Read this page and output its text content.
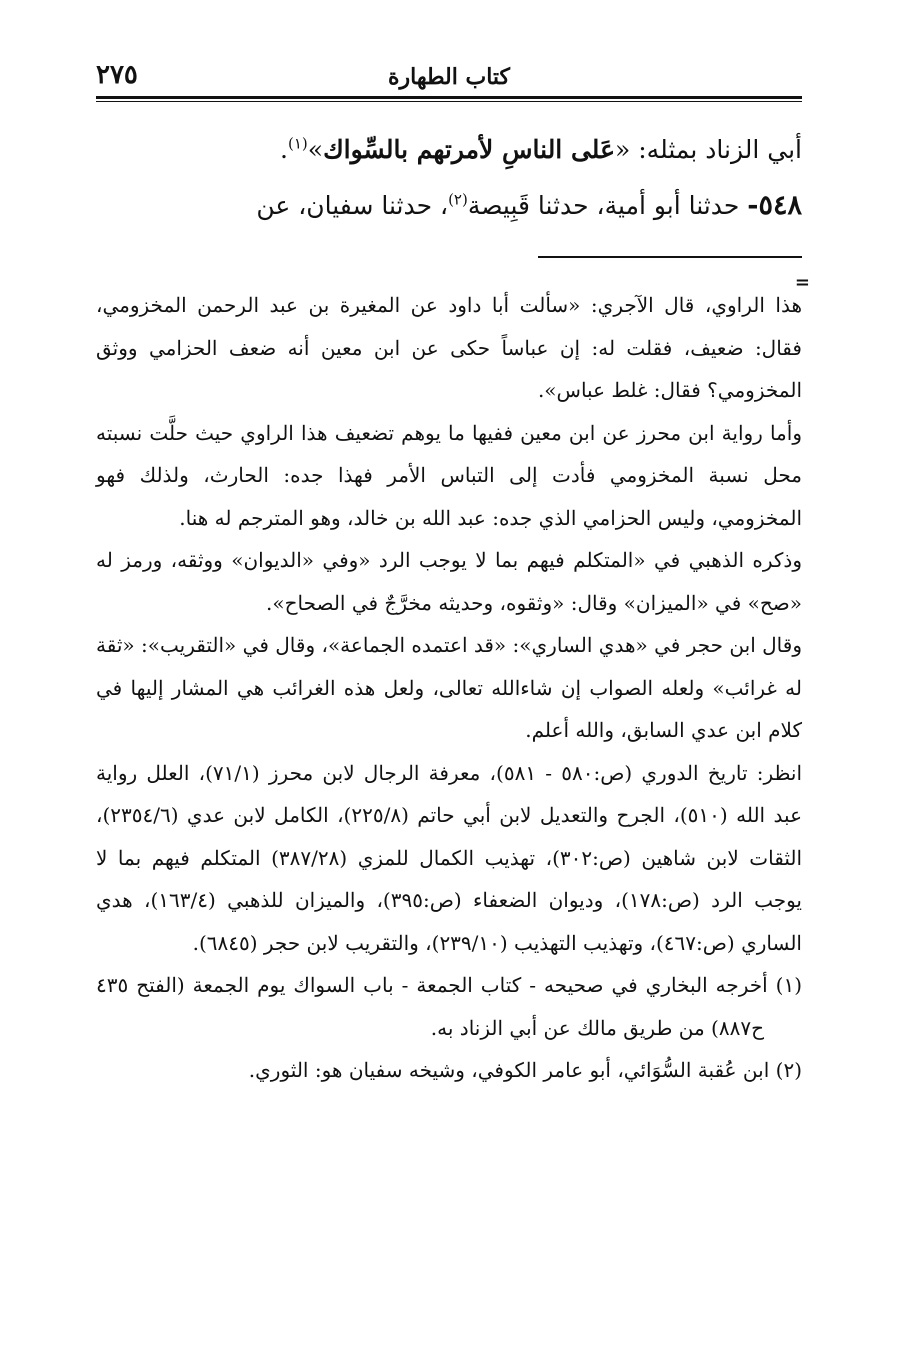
كتاب الطهارة
٢٧٥

أبي الزناد بمثله: «عَلى الناسِ لأمرتهم بالسِّواك»$^{(١)}$.

٥٤٨- حدثنا أبو أمية، حدثنا قَبِيصة$^{(٢)}$، حدثنا سفيان، عن

=

هذا الراوي، قال الآجري: «سألت أبا داود عن المغيرة بن عبد الرحمن المخزومي، فقال: ضعيف، فقلت له: إن عباساً حكى عن ابن معين أنه ضعف الحزامي ووثق المخزومي؟ فقال: غلط عباس».

وأما رواية ابن محرز عن ابن معين ففيها ما يوهم تضعيف هذا الراوي حيث حلَّت نسبته محل نسبة المخزومي فأدت إلى التباس الأمر فهذا جده: الحارث، ولذلك فهو المخزومي، وليس الحزامي الذي جده: عبد الله بن خالد، وهو المترجم له هنا.

وذكره الذهبي في «المتكلم فيهم بما لا يوجب الرد «وفي «الديوان» ووثقه، ورمز له «صح» في «الميزان» وقال: «وثقوه، وحديثه مخرَّجٌ في الصحاح».

وقال ابن حجر في «هدي الساري»: «قد اعتمده الجماعة»، وقال في «التقريب»: «ثقة له غرائب» ولعله الصواب إن شاءالله تعالى، ولعل هذه الغرائب هي المشار إليها في كلام ابن عدي السابق، والله أعلم.

انظر: تاريخ الدوري (ص:٥٨٠ - ٥٨١)، معرفة الرجال لابن محرز (٧١/١)، العلل رواية عبد الله (٥١٠)، الجرح والتعديل لابن أبي حاتم (٢٢٥/٨)، الكامل لابن عدي (٢٣٥٤/٦)، الثقات لابن شاهين (ص:٣٠٢)، تهذيب الكمال للمزي (٣٨٧/٢٨) المتكلم فيهم بما لا يوجب الرد (ص:١٧٨)، وديوان الضعفاء (ص:٣٩٥)، والميزان للذهبي (١٦٣/٤)، هدي الساري (ص:٤٦٧)، وتهذيب التهذيب (٢٣٩/١٠)، والتقريب لابن حجر (٦٨٤٥).

(١) أخرجه البخاري في صحيحه - كتاب الجمعة - باب السواك يوم الجمعة (الفتح ٤٣٥ ح٨٨٧) من طريق مالك عن أبي الزناد به.

(٢) ابن عُقبة السُّوَائي، أبو عامر الكوفي، وشيخه سفيان هو: الثوري.
